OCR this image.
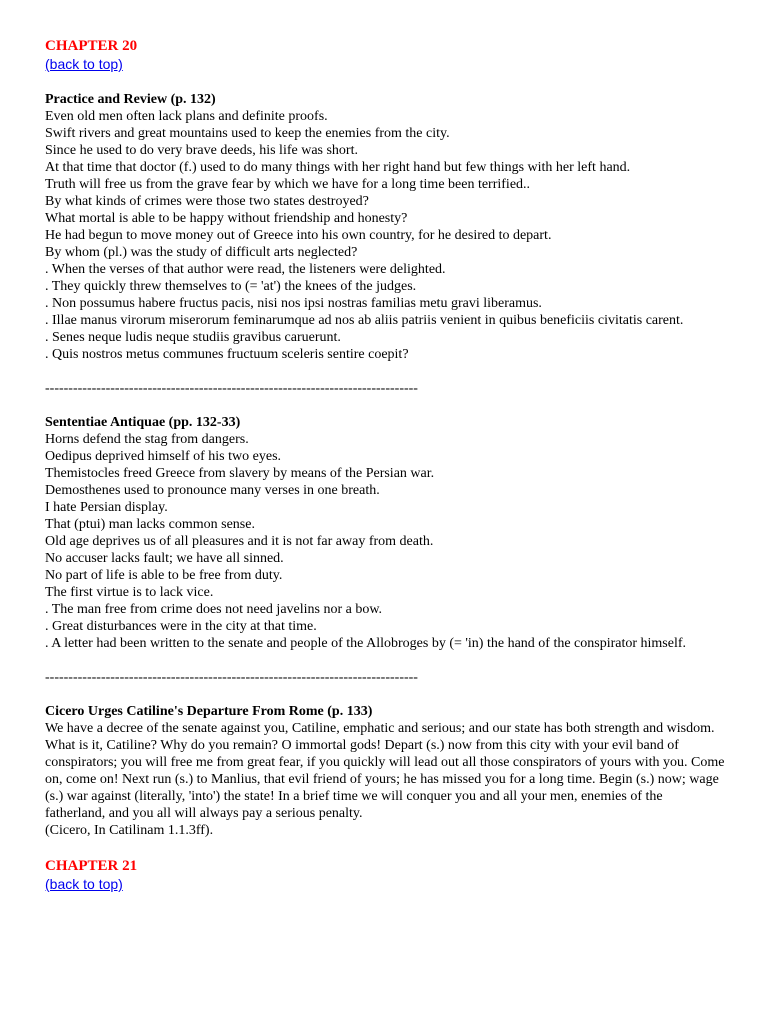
CHAPTER 20
(back to top)
Practice and Review (p. 132)
Even old men often lack plans and definite proofs.
Swift rivers and great mountains used to keep the enemies from the city.
Since he used to do very brave deeds, his life was short.
At that time that doctor (f.) used to do many things with her right hand but few things with her left hand.
Truth will free us from the grave fear by which we have for a long time been terrified..
By what kinds of crimes were those two states destroyed?
What mortal is able to be happy without friendship and honesty?
He had begun to move money out of Greece into his own country, for he desired to depart.
By whom (pl.) was the study of difficult arts neglected?
. When the verses of that author were read, the listeners were delighted.
. They quickly threw themselves to (= 'at') the knees of the judges.
. Non possumus habere fructus pacis, nisi nos ipsi nostras familias metu gravi liberamus.
. Illae manus virorum miserorum feminarumque ad nos ab aliis patriis venient in quibus beneficiis civitatis carent.
. Senes neque ludis neque studiis gravibus caruerunt.
. Quis nostros metus communes fructuum sceleris sentire coepit?
--------------------------------------------------------------------------------
Sententiae Antiquae (pp. 132-33)
Horns defend the stag from dangers.
Oedipus deprived himself of his two eyes.
Themistocles freed Greece from slavery by means of the Persian war.
Demosthenes used to pronounce many verses in one breath.
I hate Persian display.
That (ptui) man lacks common sense.
Old age deprives us of all pleasures and it is not far away from death.
No accuser lacks fault; we have all sinned.
No part of life is able to be free from duty.
The first virtue is to lack vice.
. The man free from crime does not need javelins nor a bow.
. Great disturbances were in the city at that time.
. A letter had been written to the senate and people of the Allobroges by (= 'in) the hand of the conspirator himself.
--------------------------------------------------------------------------------
Cicero Urges Catiline's Departure From Rome (p. 133)
We have a decree of the senate against you, Catiline, emphatic and serious; and our state has both strength and wisdom. What is it, Catiline? Why do you remain? O immortal gods! Depart (s.) now from this city with your evil band of conspirators; you will free me from great fear, if you quickly will lead out all those conspirators of yours with you. Come on, come on! Next run (s.) to Manlius, that evil friend of yours; he has missed you for a long time. Begin (s.) now; wage (s.) war against (literally, 'into') the state! In a brief time we will conquer you and all your men, enemies of the fatherland, and you all will always pay a serious penalty.
(Cicero, In Catilinam 1.1.3ff).
CHAPTER 21
(back to top)
